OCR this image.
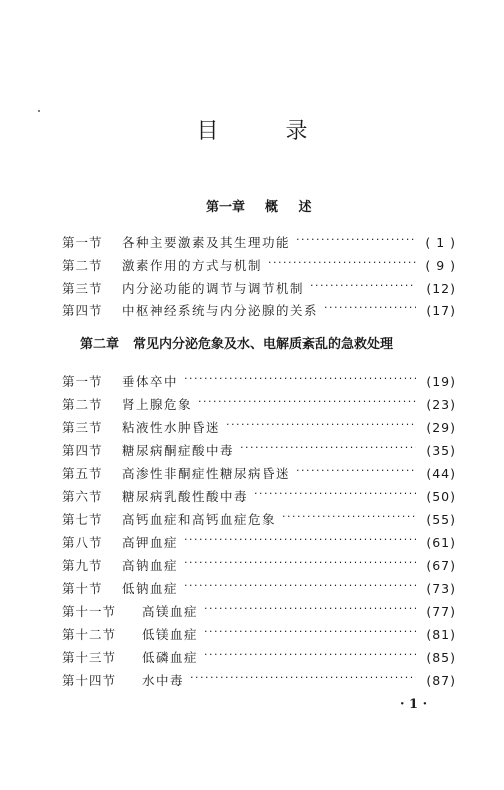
目 录
第一章 概 述
第一节	各种主要激素及其生理功能 · · ·	( 1 )
第二节	激素作用的方式与机制 · · ·	( 9 )
第三节	内分泌功能的调节与调节机制 · · ·	(12)
第四节	中枢神经系统与内分泌腺的关系 · · ·	(17)
第二章 常见内分泌危象及水、电解质紊乱的急救处理
第一节	垂体卒中 · · ·	(19)
第二节	肾上腺危象 · · ·	(23)
第三节	粘液性水肿昏迷 · · ·	(29)
第四节	糖尿病酮症酸中毒 · · ·	(35)
第五节	高渗性非酮症性糖尿病昏迷 · · ·	(44)
第六节	糖尿病乳酸性酸中毒 · · ·	(50)
第七节	高钙血症和高钙血症危象 · · ·	(55)
第八节	高钾血症 · · ·	(61)
第九节	高钠血症 · · ·	(67)
第十节	低钠血症 · · ·	(73)
第十一节	高镁血症 · · ·	(77)
第十二节	低镁血症 · · ·	(81)
第十三节	低磷血症 · · ·	(85)
第十四节	水中毒 · · ·	(87)
· 1 ·
